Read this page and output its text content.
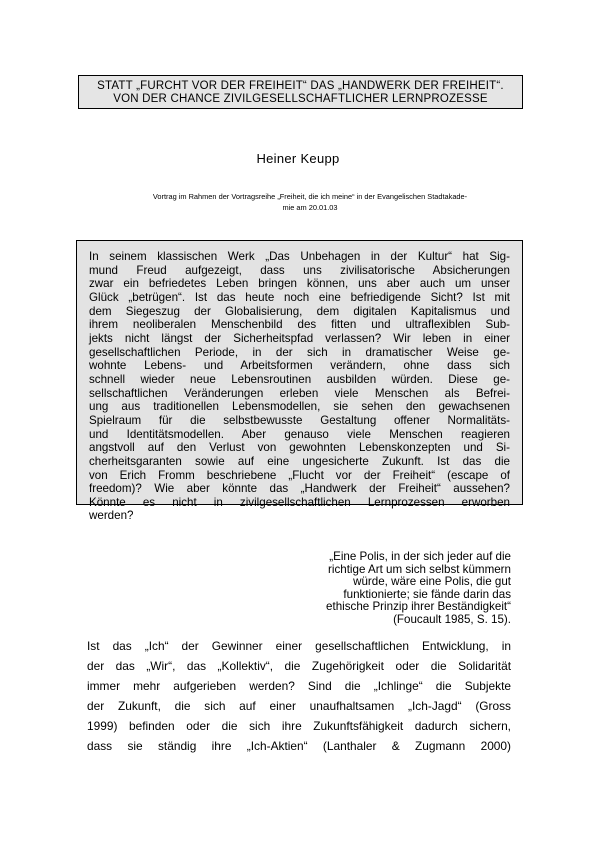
STATT „FURCHT VOR DER FREIHEIT“ DAS „HANDWERK DER FREIHEIT“.
VON DER CHANCE ZIVILGESELLSCHAFTLICHER LERNPROZESSE
Heiner Keupp
Vortrag im Rahmen der Vortragsreihe „Freiheit, die ich meine“ in der Evangelischen Stadtakade-
mie am 20.01.03
In seinem klassischen Werk „Das Unbehagen in der Kultur“ hat Sig-
mund Freud aufgezeigt, dass uns zivilisatorische Absicherungen
zwar ein befriedetes Leben bringen können, uns aber auch um unser
Glück „betrügen“. Ist das heute noch eine befriedigende Sicht? Ist mit
dem Siegeszug der Globalisierung, dem digitalen Kapitalismus und
ihrem neoliberalen Menschenbild des fitten und ultraflexiblen Sub-
jekts nicht längst der Sicherheitspfad verlassen? Wir leben in einer
gesellschaftlichen Periode, in der sich in dramatischer Weise ge-
wohnte Lebens- und Arbeitsformen verändern, ohne dass sich
schnell wieder neue Lebensroutinen ausbilden würden. Diese ge-
sellschaftlichen Veränderungen erleben viele Menschen als Befrei-
ung aus traditionellen Lebensmodellen, sie sehen den gewachsenen
Spielraum für die selbstbewusste Gestaltung offener Normalitäts-
und Identitätsmodellen. Aber genauso viele Menschen reagieren
angstvoll auf den Verlust von gewohnten Lebenskonzepten und Si-
cherheitsgaranten sowie auf eine ungesicherte Zukunft. Ist das die
von Erich Fromm beschriebene „Flucht vor der Freiheit“ (escape of
freedom)? Wie aber könnte das „Handwerk der Freiheit“ aussehen?
Könnte es nicht in zivilgesellschaftlichen Lernprozessen erworben
werden?
„Eine Polis, in der sich jeder auf die
richtige Art um sich selbst kümmern
würde, wäre eine Polis, die gut
funktionierte; sie fände darin das
ethische Prinzip ihrer Beständigkeit“
(Foucault 1985, S. 15).
Ist das „Ich“ der Gewinner einer gesellschaftlichen Entwicklung, in
der das „Wir“, das „Kollektiv“, die Zugehörigkeit oder die Solidarität
immer mehr aufgerieben werden? Sind die „Ichlinge“ die Subjekte
der Zukunft, die sich auf einer unaufhaltsamen „Ich-Jagd“ (Gross
1999) befinden oder die sich ihre Zukunftsfähigkeit dadurch sichern,
dass sie ständig ihre „Ich-Aktien“ (Lanthaler & Zugmann 2000)
